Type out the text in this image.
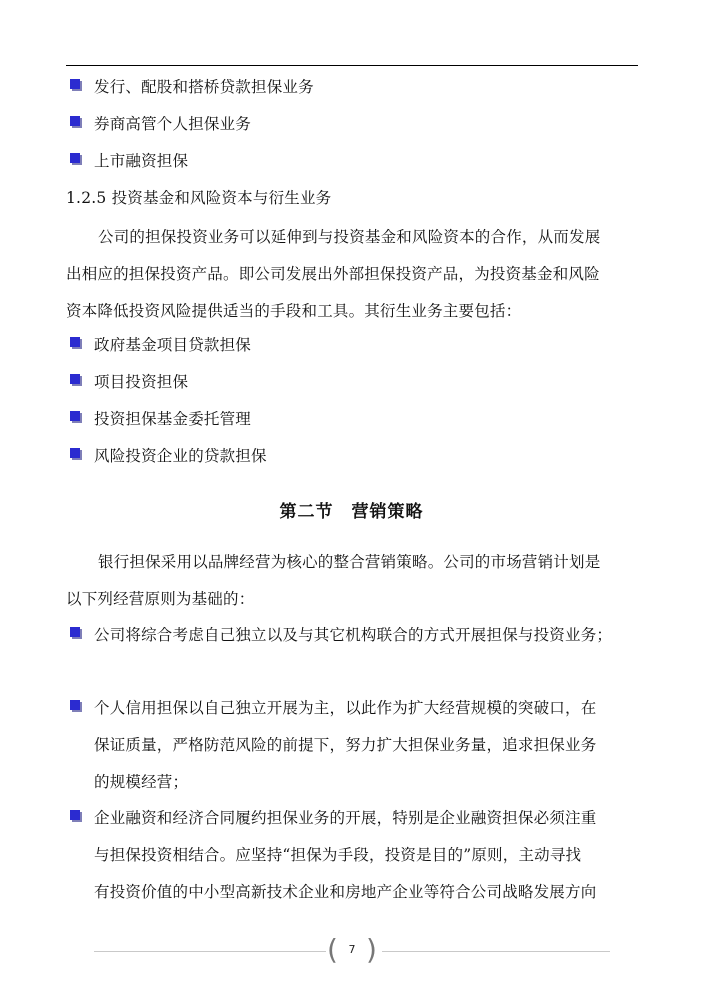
发行、配股和搭桥贷款担保业务
券商高管个人担保业务
上市融资担保
1.2.5 投资基金和风险资本与衍生业务
公司的担保投资业务可以延伸到与投资基金和风险资本的合作，从而发展
出相应的担保投资产品。即公司发展出外部担保投资产品，为投资基金和风险
资本降低投资风险提供适当的手段和工具。其衍生业务主要包括：
政府基金项目贷款担保
项目投资担保
投资担保基金委托管理
风险投资企业的贷款担保
第二节　营销策略
银行担保采用以品牌经营为核心的整合营销策略。公司的市场营销计划是
以下列经营原则为基础的：
公司将综合考虑自己独立以及与其它机构联合的方式开展担保与投资业务；
个人信用担保以自己独立开展为主，以此作为扩大经营规模的突破口，在
保证质量，严格防范风险的前提下，努力扩大担保业务量，追求担保业务
的规模经营；
企业融资和经济合同履约担保业务的开展，特别是企业融资担保必须注重
与担保投资相结合。应坚持“担保为手段，投资是目的”原则，主动寻找
有投资价值的中小型高新技术企业和房地产企业等符合公司战略发展方向
( 7 )
